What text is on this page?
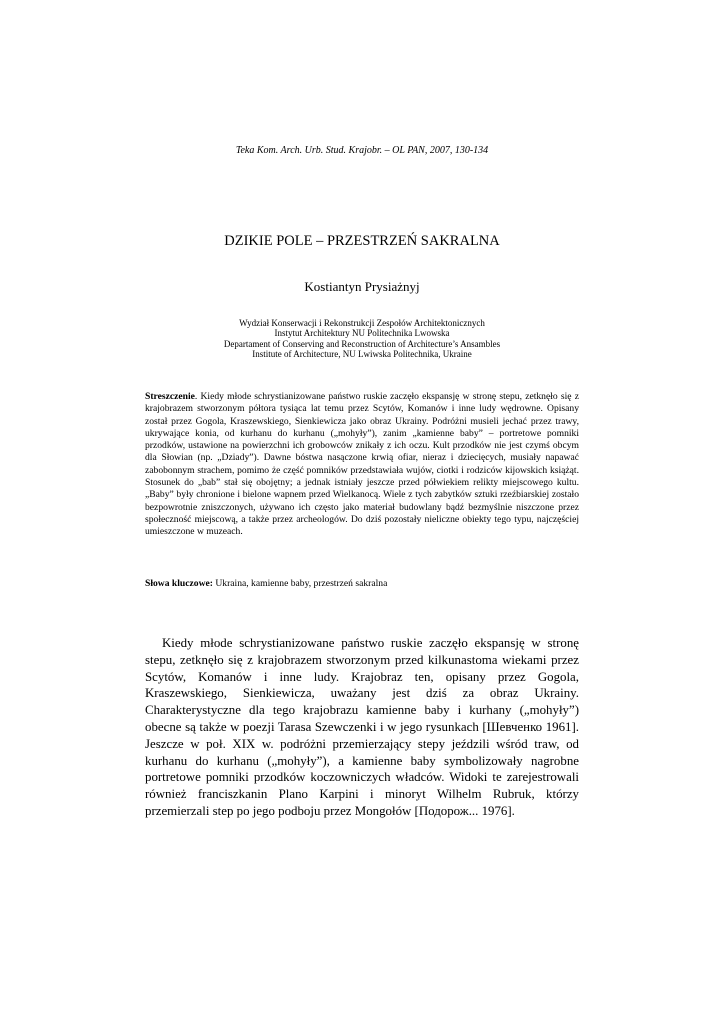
Teka Kom. Arch. Urb. Stud. Krajobr. – OL PAN, 2007, 130-134
DZIKIE POLE – PRZESTRZEŃ SAKRALNA
Kostiantyn Prysiażnyj
Wydział Konserwacji i Rekonstrukcji Zespołów Architektonicznych
Instytut Architektury NU Politechnika Lwowska
Departament of Conserving and Reconstruction of Architecture’s Ansambles
Institute of Architecture, NU Lwiwska Politechnika, Ukraine
Streszczenie. Kiedy młode schrystianizowane państwo ruskie zaczęło ekspansję w stronę stepu, zetknęło się z krajobrazem stworzonym półtora tysiąca lat temu przez Scytów, Komanów i inne ludy wędrowne. Opisany został przez Gogola, Kraszewskiego, Sienkiewicza jako obraz Ukrainy. Podróżni musieli jechać przez trawy, ukrywające konia, od kurhanu do kurhanu („mohyły”), zanim „kamienne baby” – portretowe pomniki przodków, ustawione na powierzchni ich grobowców znikały z ich oczu. Kult przodków nie jest czymś obcym dla Słowian (np. „Dziady”). Dawne bóstwa nasączone krwią ofiar, nieraz i dziecięcych, musiały napawać zabobonnym strachem, pomimo że część pomników przedstawiała wujów, ciotki i rodziców kijowskich książąt. Stosunek do „bab” stał się obojętny; a jednak istniały jeszcze przed półwiekiem relikty miejscowego kultu. „Baby” były chronione i bielone wapnem przed Wielkanocą. Wiele z tych zabytków sztuki rzeźbiarskiej zostało bezpowrotnie zniszczonych, używano ich często jako materiał budowlany bądź bezmyślnie niszczone przez społeczność miejscową, a także przez archeologów. Do dziś pozostały nieliczne obiekty tego typu, najczęściej umieszczone w muzeach.
Słowa kluczowe: Ukraina, kamienne baby, przestrzeń sakralna

Kiedy młode schrystianizowane państwo ruskie zaczęło ekspansję w stronę stepu, zetknęło się z krajobrazem stworzonym przed kilkunastoma wiekami przez Scytów, Komanów i inne ludy. Krajobraz ten, opisany przez Gogola, Kraszewskiego, Sienkiewicza, uważany jest dziś za obraz Ukrainy. Charakterystyczne dla tego krajobrazu kamienne baby i kurhany („mohyły”) obecne są także w poezji Tarasa Szewczenki i w jego rysunkach [Шевченко 1961]. Jeszcze w poł. XIX w. podróżni przemierzający stepy jeździli wśród traw, od kurhanu do kurhanu („mohyły”), a kamienne baby symbolizowały nagrobne portretowe pomniki przodków koczowniczych władców. Widoki te zarejestrowali również franciszkanin Plano Karpini i minoryt Wilhelm Rubruk, którzy przemierzali step po jego podboju przez Mongołów [Подорож... 1976].
